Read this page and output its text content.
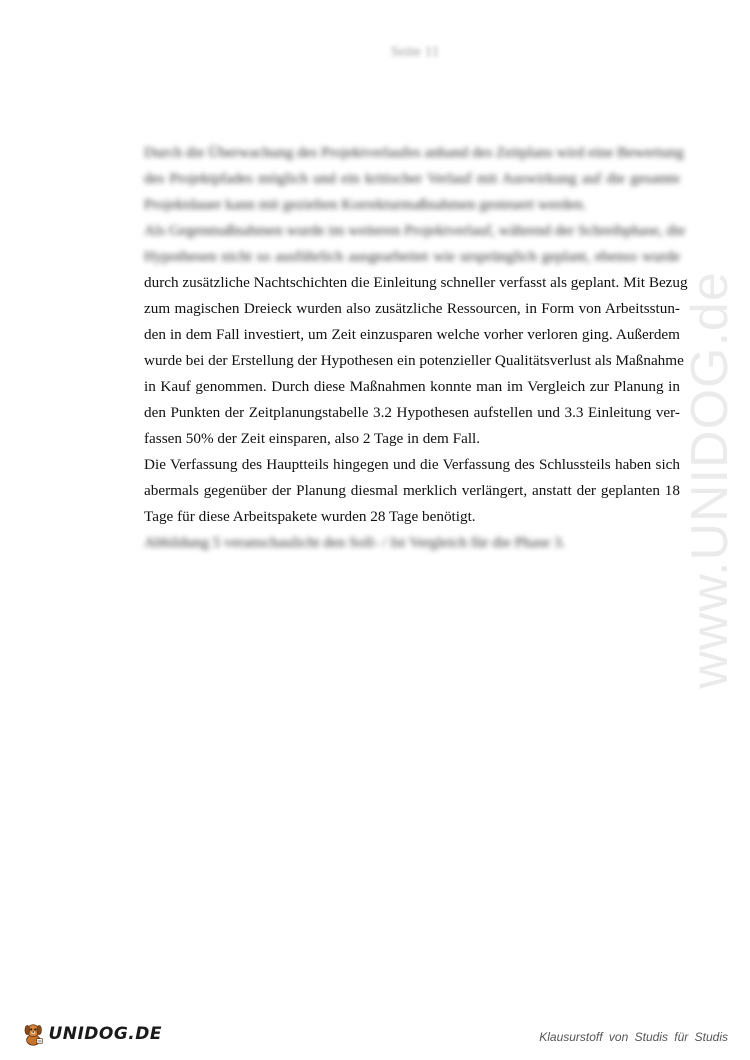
Seite 11
www.UNIDOG.de

Durch die Überwachung des Projektverlaufes anhand des Zeitplans wird eine Bewertung
des Projektpfades möglich und ein kritischer Verlauf mit Auswirkung auf die gesamte
Projektdauer kann mit gezielten Korrekturmaßnahmen gesteuert werden.

Als Gegenmaßnahmen wurde im weiteren Projektverlauf, während der Schreibphase, die
Hypothesen nicht so ausführlich ausgearbeitet wie ursprünglich geplant, ebenso wurde
durch zusätzliche Nachtschichten die Einleitung schneller verfasst als geplant. Mit Bezug
zum magischen Dreieck wurden also zusätzliche Ressourcen, in Form von Arbeitsstun-
den in dem Fall investiert, um Zeit einzusparen welche vorher verloren ging. Außerdem
wurde bei der Erstellung der Hypothesen ein potenzieller Qualitätsverlust als Maßnahme
in Kauf genommen. Durch diese Maßnahmen konnte man im Vergleich zur Planung in
den Punkten der Zeitplanungstabelle 3.2 Hypothesen aufstellen und 3.3 Einleitung ver-
fassen 50% der Zeit einsparen, also 2 Tage in dem Fall.

Die Verfassung des Hauptteils hingegen und die Verfassung des Schlussteils haben sich
abermals gegenüber der Planung diesmal merklich verlängert, anstatt der geplanten 18
Tage für diese Arbeitspakete wurden 28 Tage benötigt.

Abbildung 5 veranschaulicht den Soll- / Ist Vergleich für die Phase 3.

UNIDOG.DE	Klausurstoff von Studis für Studis
